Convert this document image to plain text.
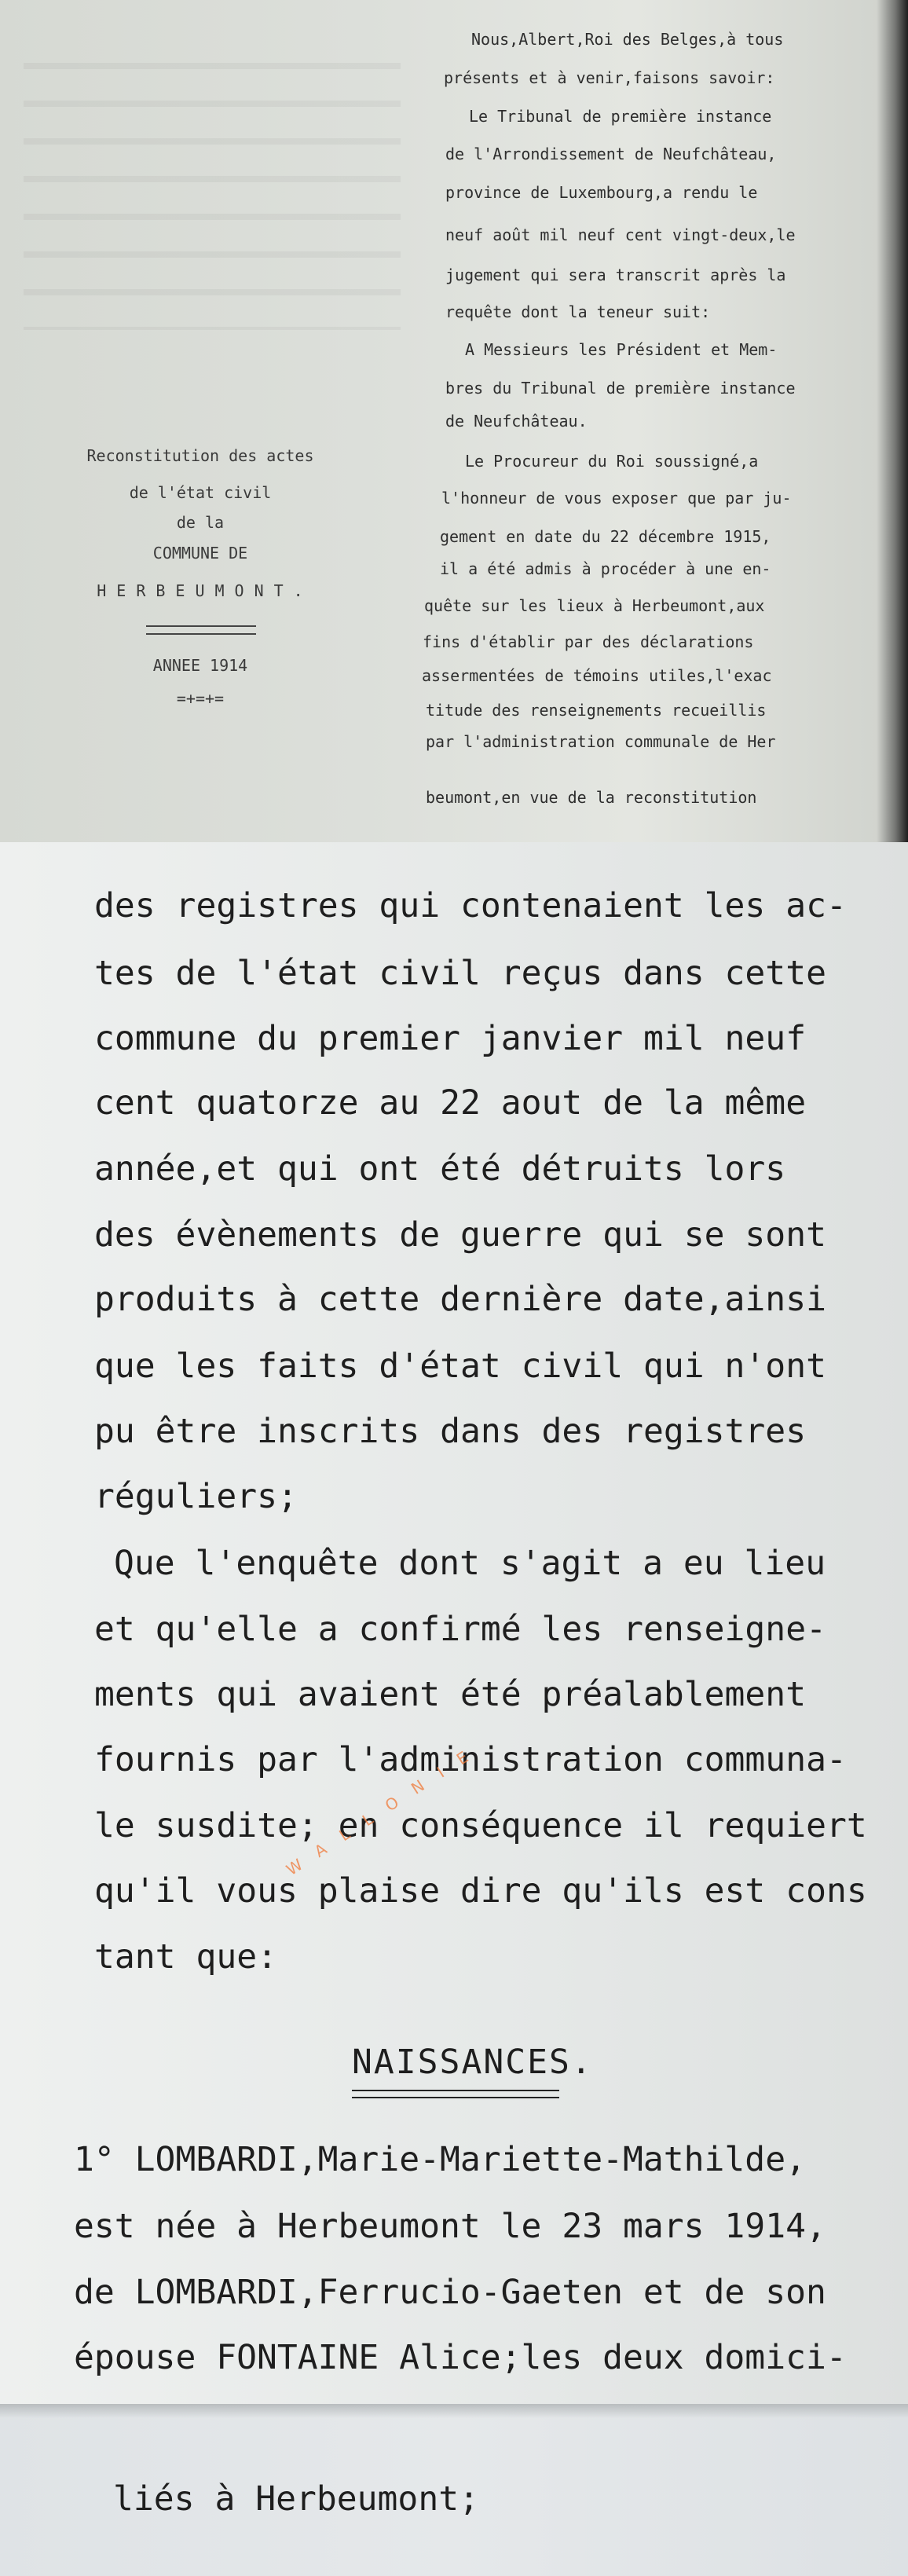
Reconstitution des actes
de l'état civil
de la
COMMUNE DE
HERBEUMONT.
ANNEE 1914
=+=+=
Nous,Albert,Roi des Belges,à tous
présents et à venir,faisons savoir:
Le Tribunal de première instance
de l'Arrondissement de Neufchâteau,
province de Luxembourg,a rendu le
neuf août mil neuf cent vingt-deux,le
jugement qui sera transcrit après la
requête dont la teneur suit:
A Messieurs les Président et Mem-
bres du Tribunal de première instance
de Neufchâteau.
Le Procureur du Roi soussigné,a
l'honneur de vous exposer que par ju-
gement en date du 22 décembre 1915,
il a été admis à procéder à une en-
quête sur les lieux à Herbeumont,aux
fins d'établir par des déclarations
assermentées de témoins utiles,l'exac
titude des renseignements recueillis
par l'administration communale de Her
beumont,en vue de la reconstitution
des registres qui contenaient les ac-
tes de l'état civil reçus dans cette
commune du premier janvier mil neuf
cent quatorze au 22 aout de la même
année,et qui ont été détruits lors
des évènements de guerre qui se sont
produits à cette dernière date,ainsi
que les faits d'état civil qui n'ont
pu être inscrits dans des registres
réguliers;
Que l'enquête dont s'agit a eu lieu
et qu'elle a confirmé les renseigne-
ments qui avaient été préalablement
fournis par l'administration communa-
le susdite; en conséquence il requiert
qu'il vous plaise dire qu'ils est cons
tant que:
NAISSANCES.
1° LOMBARDI,Marie-Mariette-Mathilde,
est née à Herbeumont le 23 mars 1914,
de LOMBARDI,Ferrucio-Gaeten et de son
épouse FONTAINE Alice;les deux domici-
WALLONIE
liés à Herbeumont;
